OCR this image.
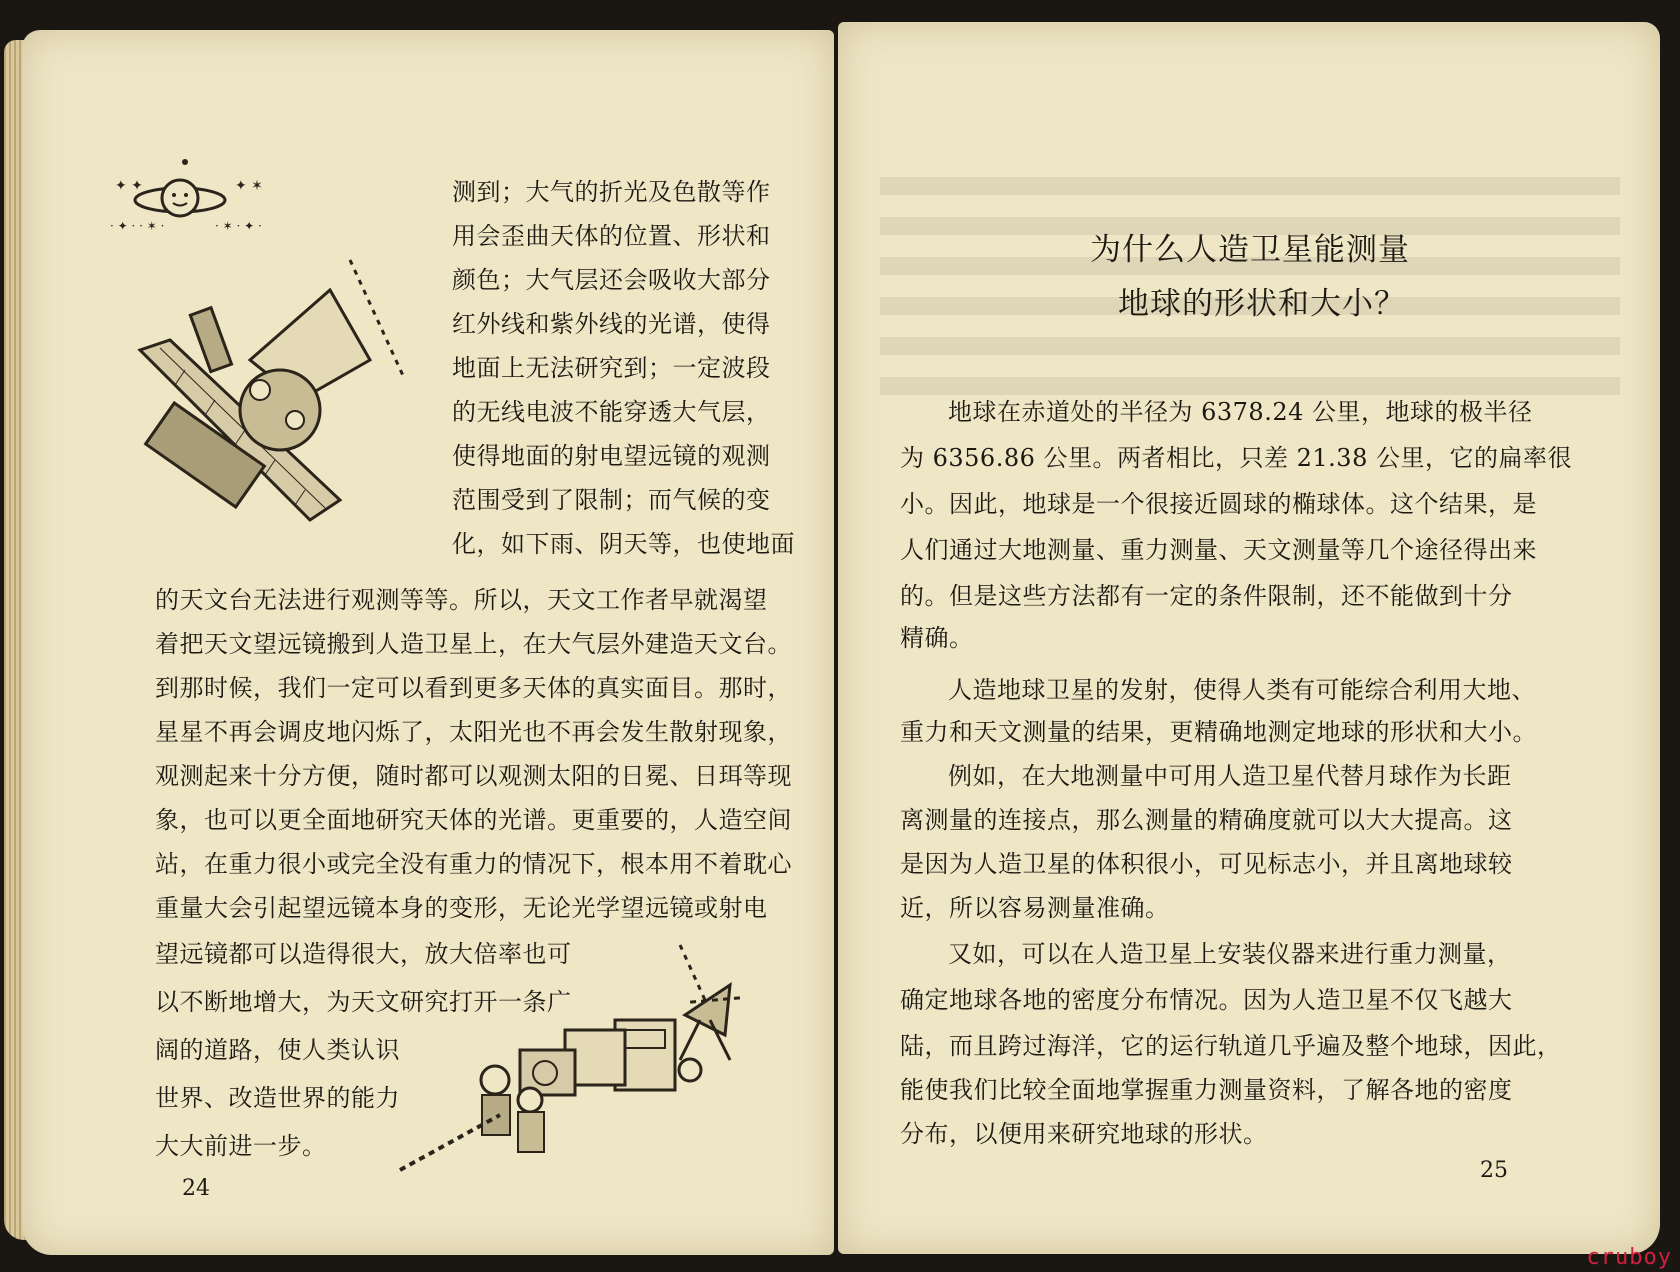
✦ ✦	✦ ✶
· ✦ · · ✶ ·	· ✶ · ✦ ·
测到；大气的折光及色散等作
用会歪曲天体的位置、形状和
颜色；大气层还会吸收大部分
红外线和紫外线的光谱，使得
地面上无法研究到；一定波段
的无线电波不能穿透大气层，
使得地面的射电望远镜的观测
范围受到了限制；而气候的变
化，如下雨、阴天等，也使地面
的天文台无法进行观测等等。所以，天文工作者早就渴望
着把天文望远镜搬到人造卫星上，在大气层外建造天文台。
到那时候，我们一定可以看到更多天体的真实面目。那时，
星星不再会调皮地闪烁了，太阳光也不再会发生散射现象，
观测起来十分方便，随时都可以观测太阳的日冕、日珥等现
象，也可以更全面地研究天体的光谱。更重要的，人造空间
站，在重力很小或完全没有重力的情况下，根本用不着耽心
重量大会引起望远镜本身的变形，无论光学望远镜或射电
望远镜都可以造得很大，放大倍率也可
以不断地增大，为天文研究打开一条广
阔的道路，使人类认识
世界、改造世界的能力
大大前进一步。
24
为什么人造卫星能测量
地球的形状和大小？
地球在赤道处的半径为 6378.24 公里，地球的极半径
为 6356.86 公里。两者相比，只差 21.38 公里，它的扁率很
小。因此，地球是一个很接近圆球的椭球体。这个结果，是
人们通过大地测量、重力测量、天文测量等几个途径得出来
的。但是这些方法都有一定的条件限制，还不能做到十分
精确。
人造地球卫星的发射，使得人类有可能综合利用大地、
重力和天文测量的结果，更精确地测定地球的形状和大小。
例如，在大地测量中可用人造卫星代替月球作为长距
离测量的连接点，那么测量的精确度就可以大大提高。这
是因为人造卫星的体积很小，可见标志小，并且离地球较
近，所以容易测量准确。
又如，可以在人造卫星上安装仪器来进行重力测量，
确定地球各地的密度分布情况。因为人造卫星不仅飞越大
陆，而且跨过海洋，它的运行轨道几乎遍及整个地球，因此，
能使我们比较全面地掌握重力测量资料，了解各地的密度
分布，以便用来研究地球的形状。
25
cruboy
